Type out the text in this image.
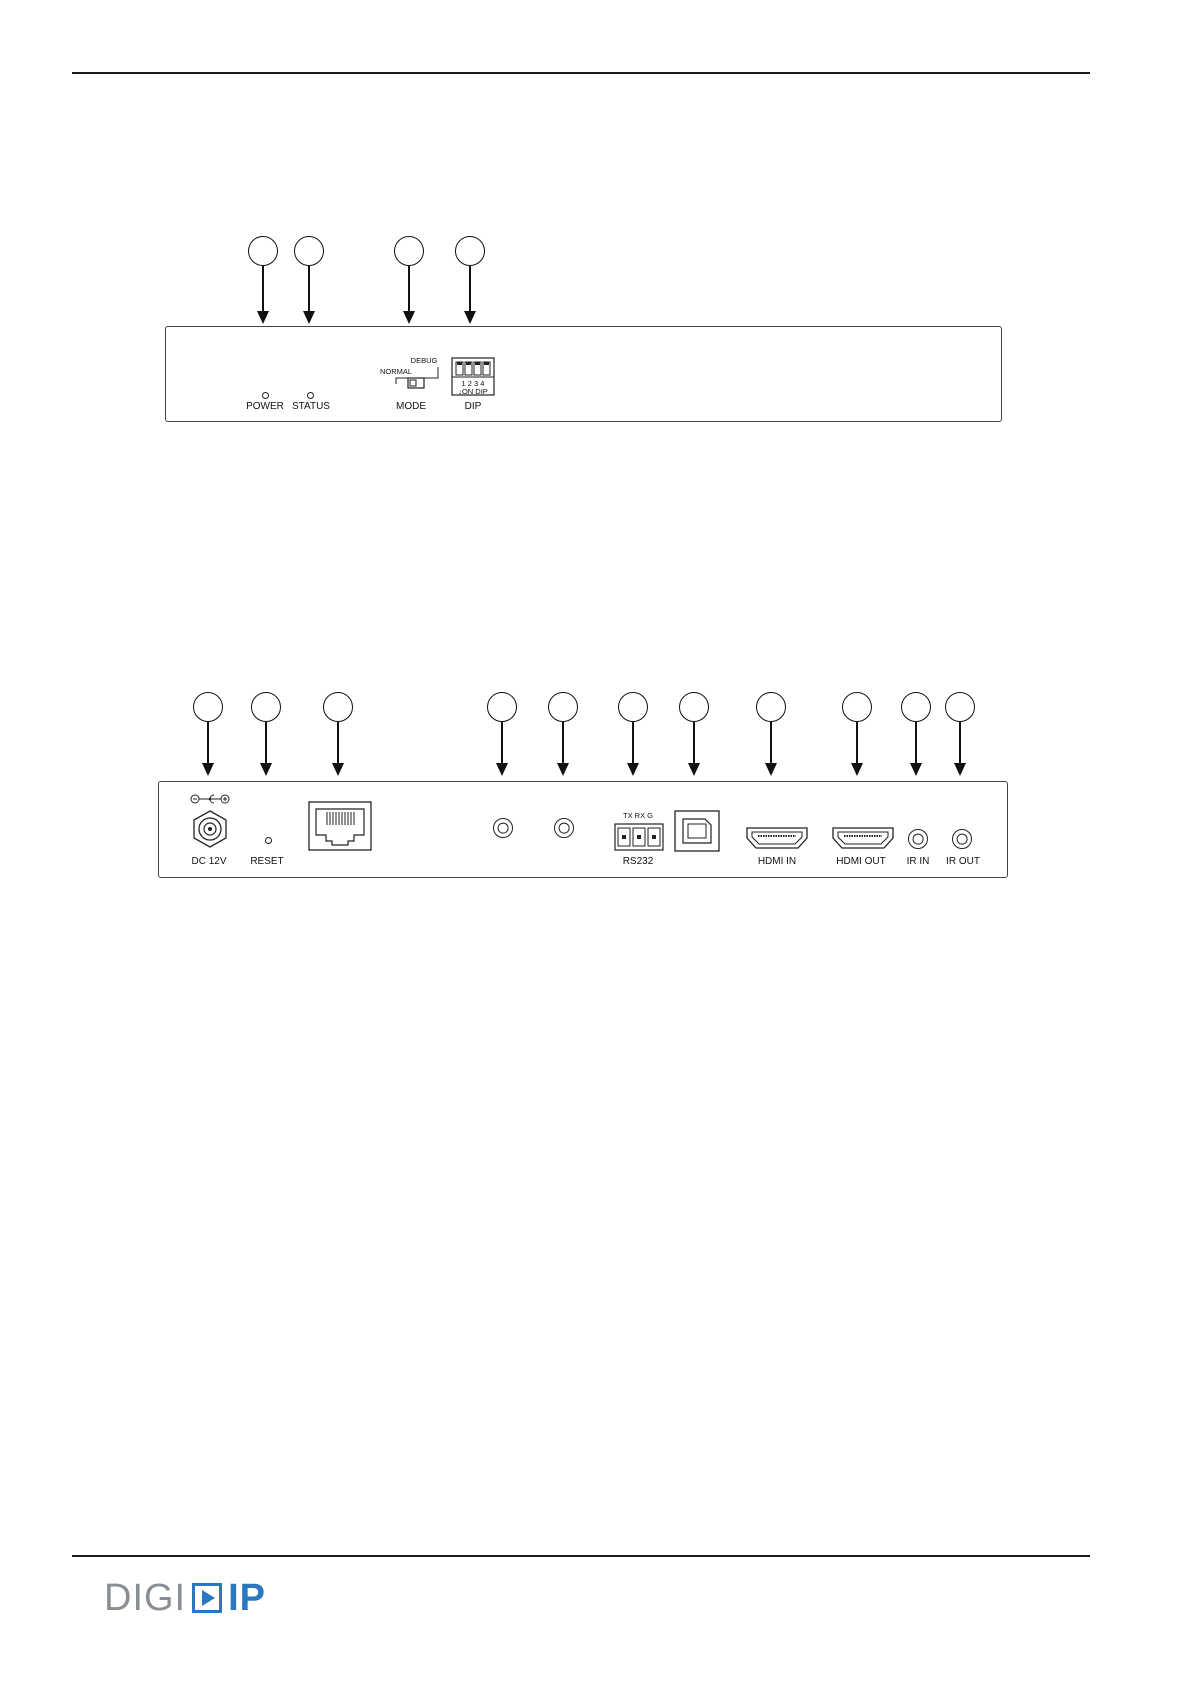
POWER STATUS
NORMAL
DEBUG
MODE
1 2 3 4
↓ON DIP
DIP
DC 12V RESET
TX RX G
RS232	HDMI IN	HDMI OUT IR IN IR OUT
DIGI IP
